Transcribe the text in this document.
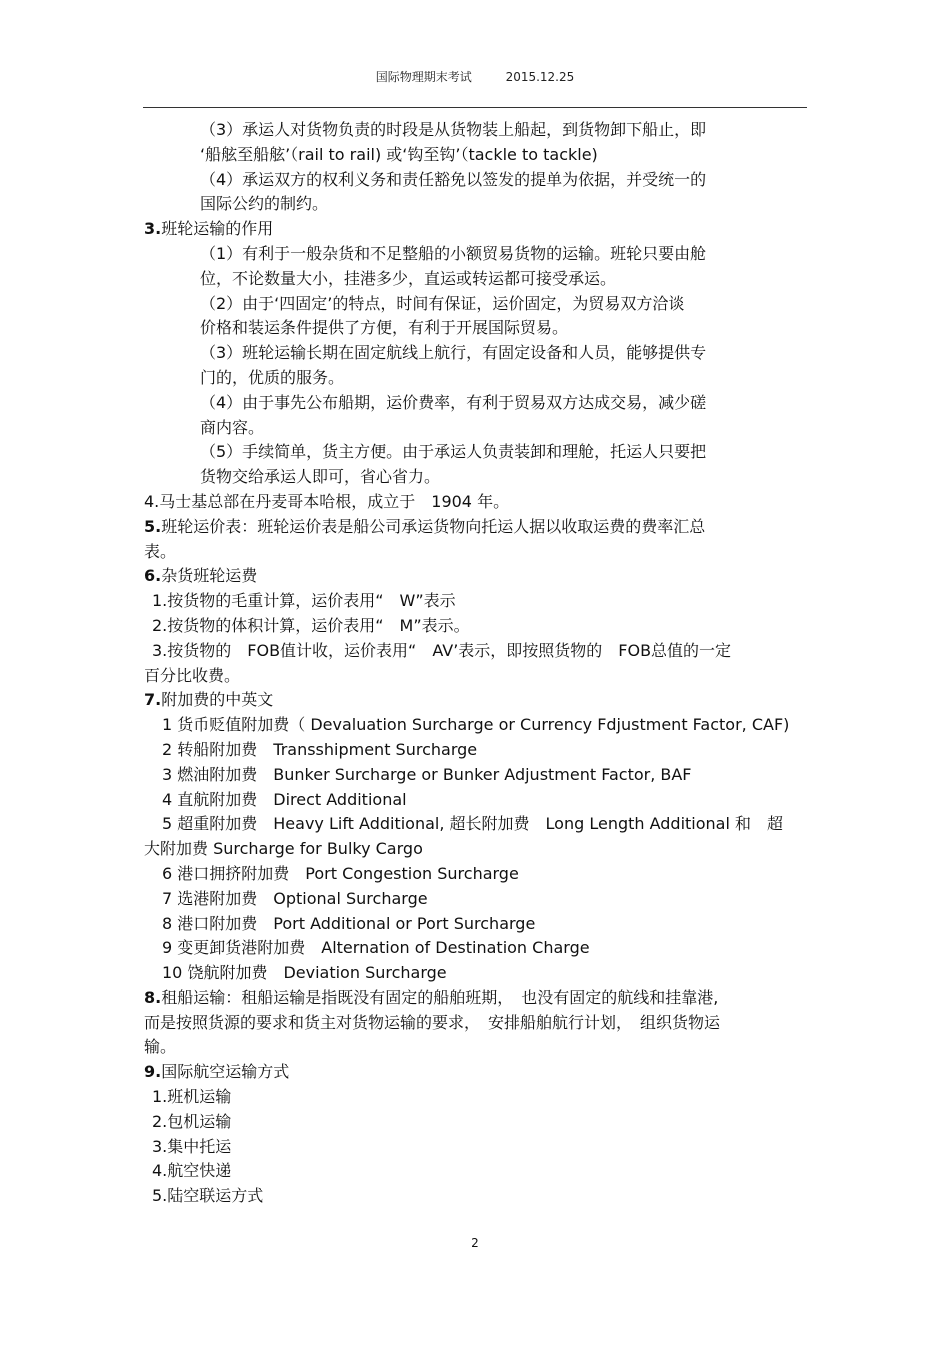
国际物理期末考试	2015.12.25
（3）承运人对货物负责的时段是从货物装上船起，到货物卸下船止，即
‘船舷至船舷’（rail to rail) 或‘钩至钩’（tackle to tackle)
（4）承运双方的权利义务和责任豁免以签发的提单为依据，并受统一的
国际公约的制约。
3.班轮运输的作用
（1）有利于一般杂货和不足整船的小额贸易货物的运输。班轮只要由舱
位，不论数量大小，挂港多少，直运或转运都可接受承运。
（2）由于‘四固定’的特点，时间有保证，运价固定，为贸易双方洽谈
价格和装运条件提供了方便，有利于开展国际贸易。
（3）班轮运输长期在固定航线上航行，有固定设备和人员，能够提供专
门的，优质的服务。
（4）由于事先公布船期，运价费率，有利于贸易双方达成交易，减少磋
商内容。
（5）手续简单，货主方便。由于承运人负责装卸和理舱，托运人只要把
货物交给承运人即可，省心省力。
4.马士基总部在丹麦哥本哈根，成立于　1904 年。
5.班轮运价表：班轮运价表是船公司承运货物向托运人据以收取运费的费率汇总
表。
6.杂货班轮运费
1.按货物的毛重计算，运价表用“　W”表示
2.按货物的体积计算，运价表用“　M”表示。
3.按货物的　FOB值计收，运价表用“　AV’表示，即按照货物的　FOB总值的一定
百分比收费。
7.附加费的中英文
1 货币贬值附加费（ Devaluation Surcharge or Currency Fdjustment Factor, CAF)
2 转船附加费　Transshipment Surcharge
3 燃油附加费　Bunker Surcharge or Bunker Adjustment Factor, BAF
4 直航附加费　Direct Additional
5 超重附加费　Heavy Lift Additional, 超长附加费　Long Length Additional 和　超
大附加费 Surcharge for Bulky Cargo
6 港口拥挤附加费　Port Congestion Surcharge
7 选港附加费　Optional Surcharge
8 港口附加费　Port Additional or Port Surcharge
9 变更卸货港附加费　Alternation of Destination Charge
10 饶航附加费　Deviation Surcharge
8.租船运输：租船运输是指既没有固定的船舶班期，　也没有固定的航线和挂靠港,
而是按照货源的要求和货主对货物运输的要求，　安排船舶航行计划，　组织货物运
输。
9.国际航空运输方式
1.班机运输
2.包机运输
3.集中托运
4.航空快递
5.陆空联运方式
2
